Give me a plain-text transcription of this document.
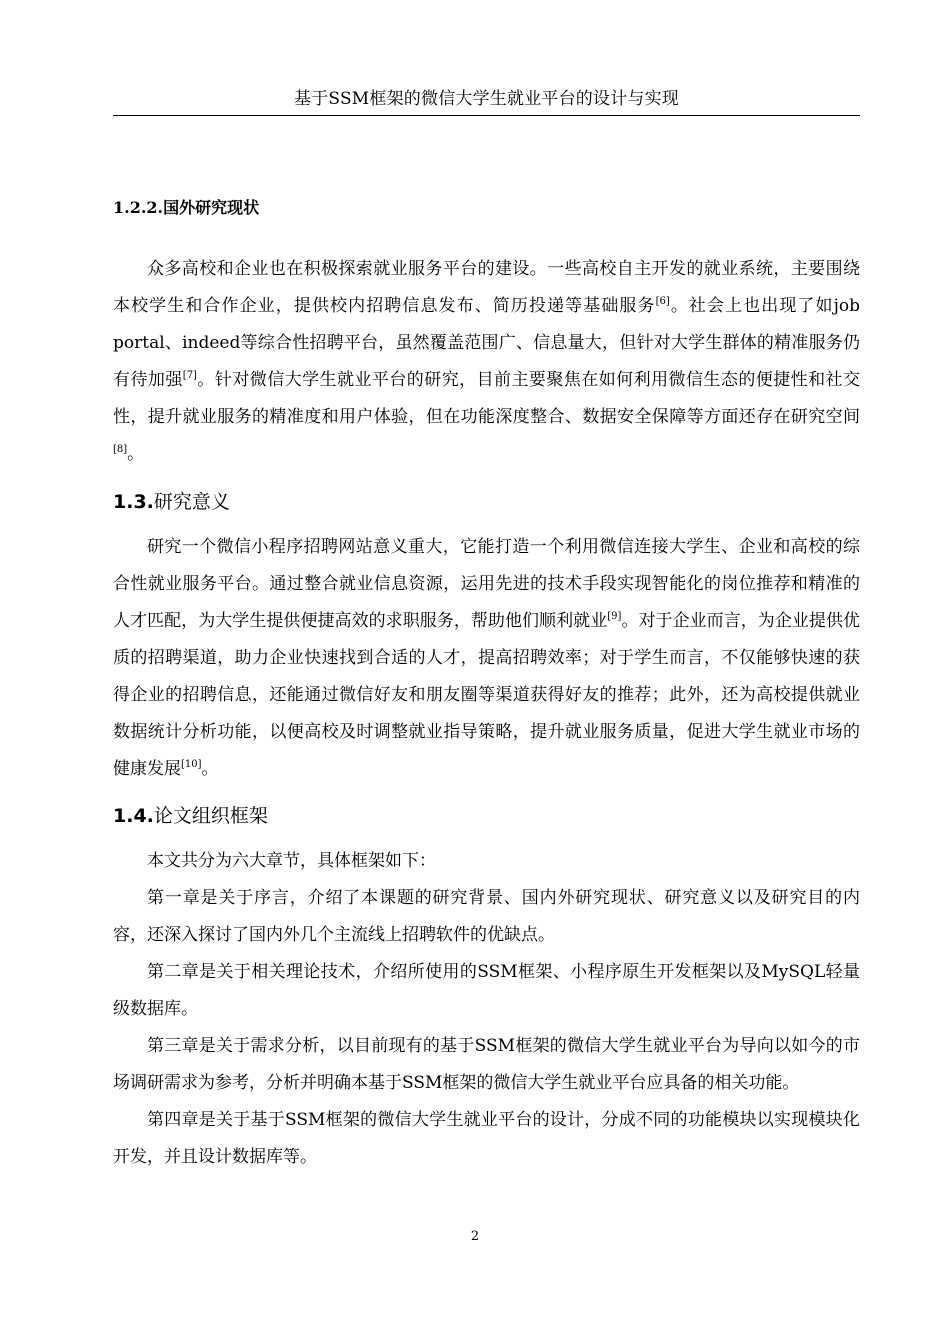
基于SSM框架的微信大学生就业平台的设计与实现
1.2.2.国外研究现状

众多高校和企业也在积极探索就业服务平台的建设。一些高校自主开发的就业系统，主要围绕本校学生和合作企业，提供校内招聘信息发布、简历投递等基础服务[6]。社会上也出现了如job portal、indeed等综合性招聘平台，虽然覆盖范围广、信息量大，但针对大学生群体的精准服务仍有待加强[7]。针对微信大学生就业平台的研究，目前主要聚焦在如何利用微信生态的便捷性和社交性，提升就业服务的精准度和用户体验，但在功能深度整合、数据安全保障等方面还存在研究空间[8]。

1.3.研究意义

研究一个微信小程序招聘网站意义重大，它能打造一个利用微信连接大学生、企业和高校的综合性就业服务平台。通过整合就业信息资源，运用先进的技术手段实现智能化的岗位推荐和精准的人才匹配，为大学生提供便捷高效的求职服务，帮助他们顺利就业[9]。对于企业而言，为企业提供优质的招聘渠道，助力企业快速找到合适的人才，提高招聘效率；对于学生而言，不仅能够快速的获得企业的招聘信息，还能通过微信好友和朋友圈等渠道获得好友的推荐；此外，还为高校提供就业数据统计分析功能，以便高校及时调整就业指导策略，提升就业服务质量，促进大学生就业市场的健康发展[10]。

1.4.论文组织框架

本文共分为六大章节，具体框架如下：

第一章是关于序言，介绍了本课题的研究背景、国内外研究现状、研究意义以及研究目的内容，还深入探讨了国内外几个主流线上招聘软件的优缺点。

第二章是关于相关理论技术，介绍所使用的SSM框架、小程序原生开发框架以及MySQL轻量级数据库。

第三章是关于需求分析，以目前现有的基于SSM框架的微信大学生就业平台为导向以如今的市场调研需求为参考，分析并明确本基于SSM框架的微信大学生就业平台应具备的相关功能。

第四章是关于基于SSM框架的微信大学生就业平台的设计，分成不同的功能模块以实现模块化开发，并且设计数据库等。

2
